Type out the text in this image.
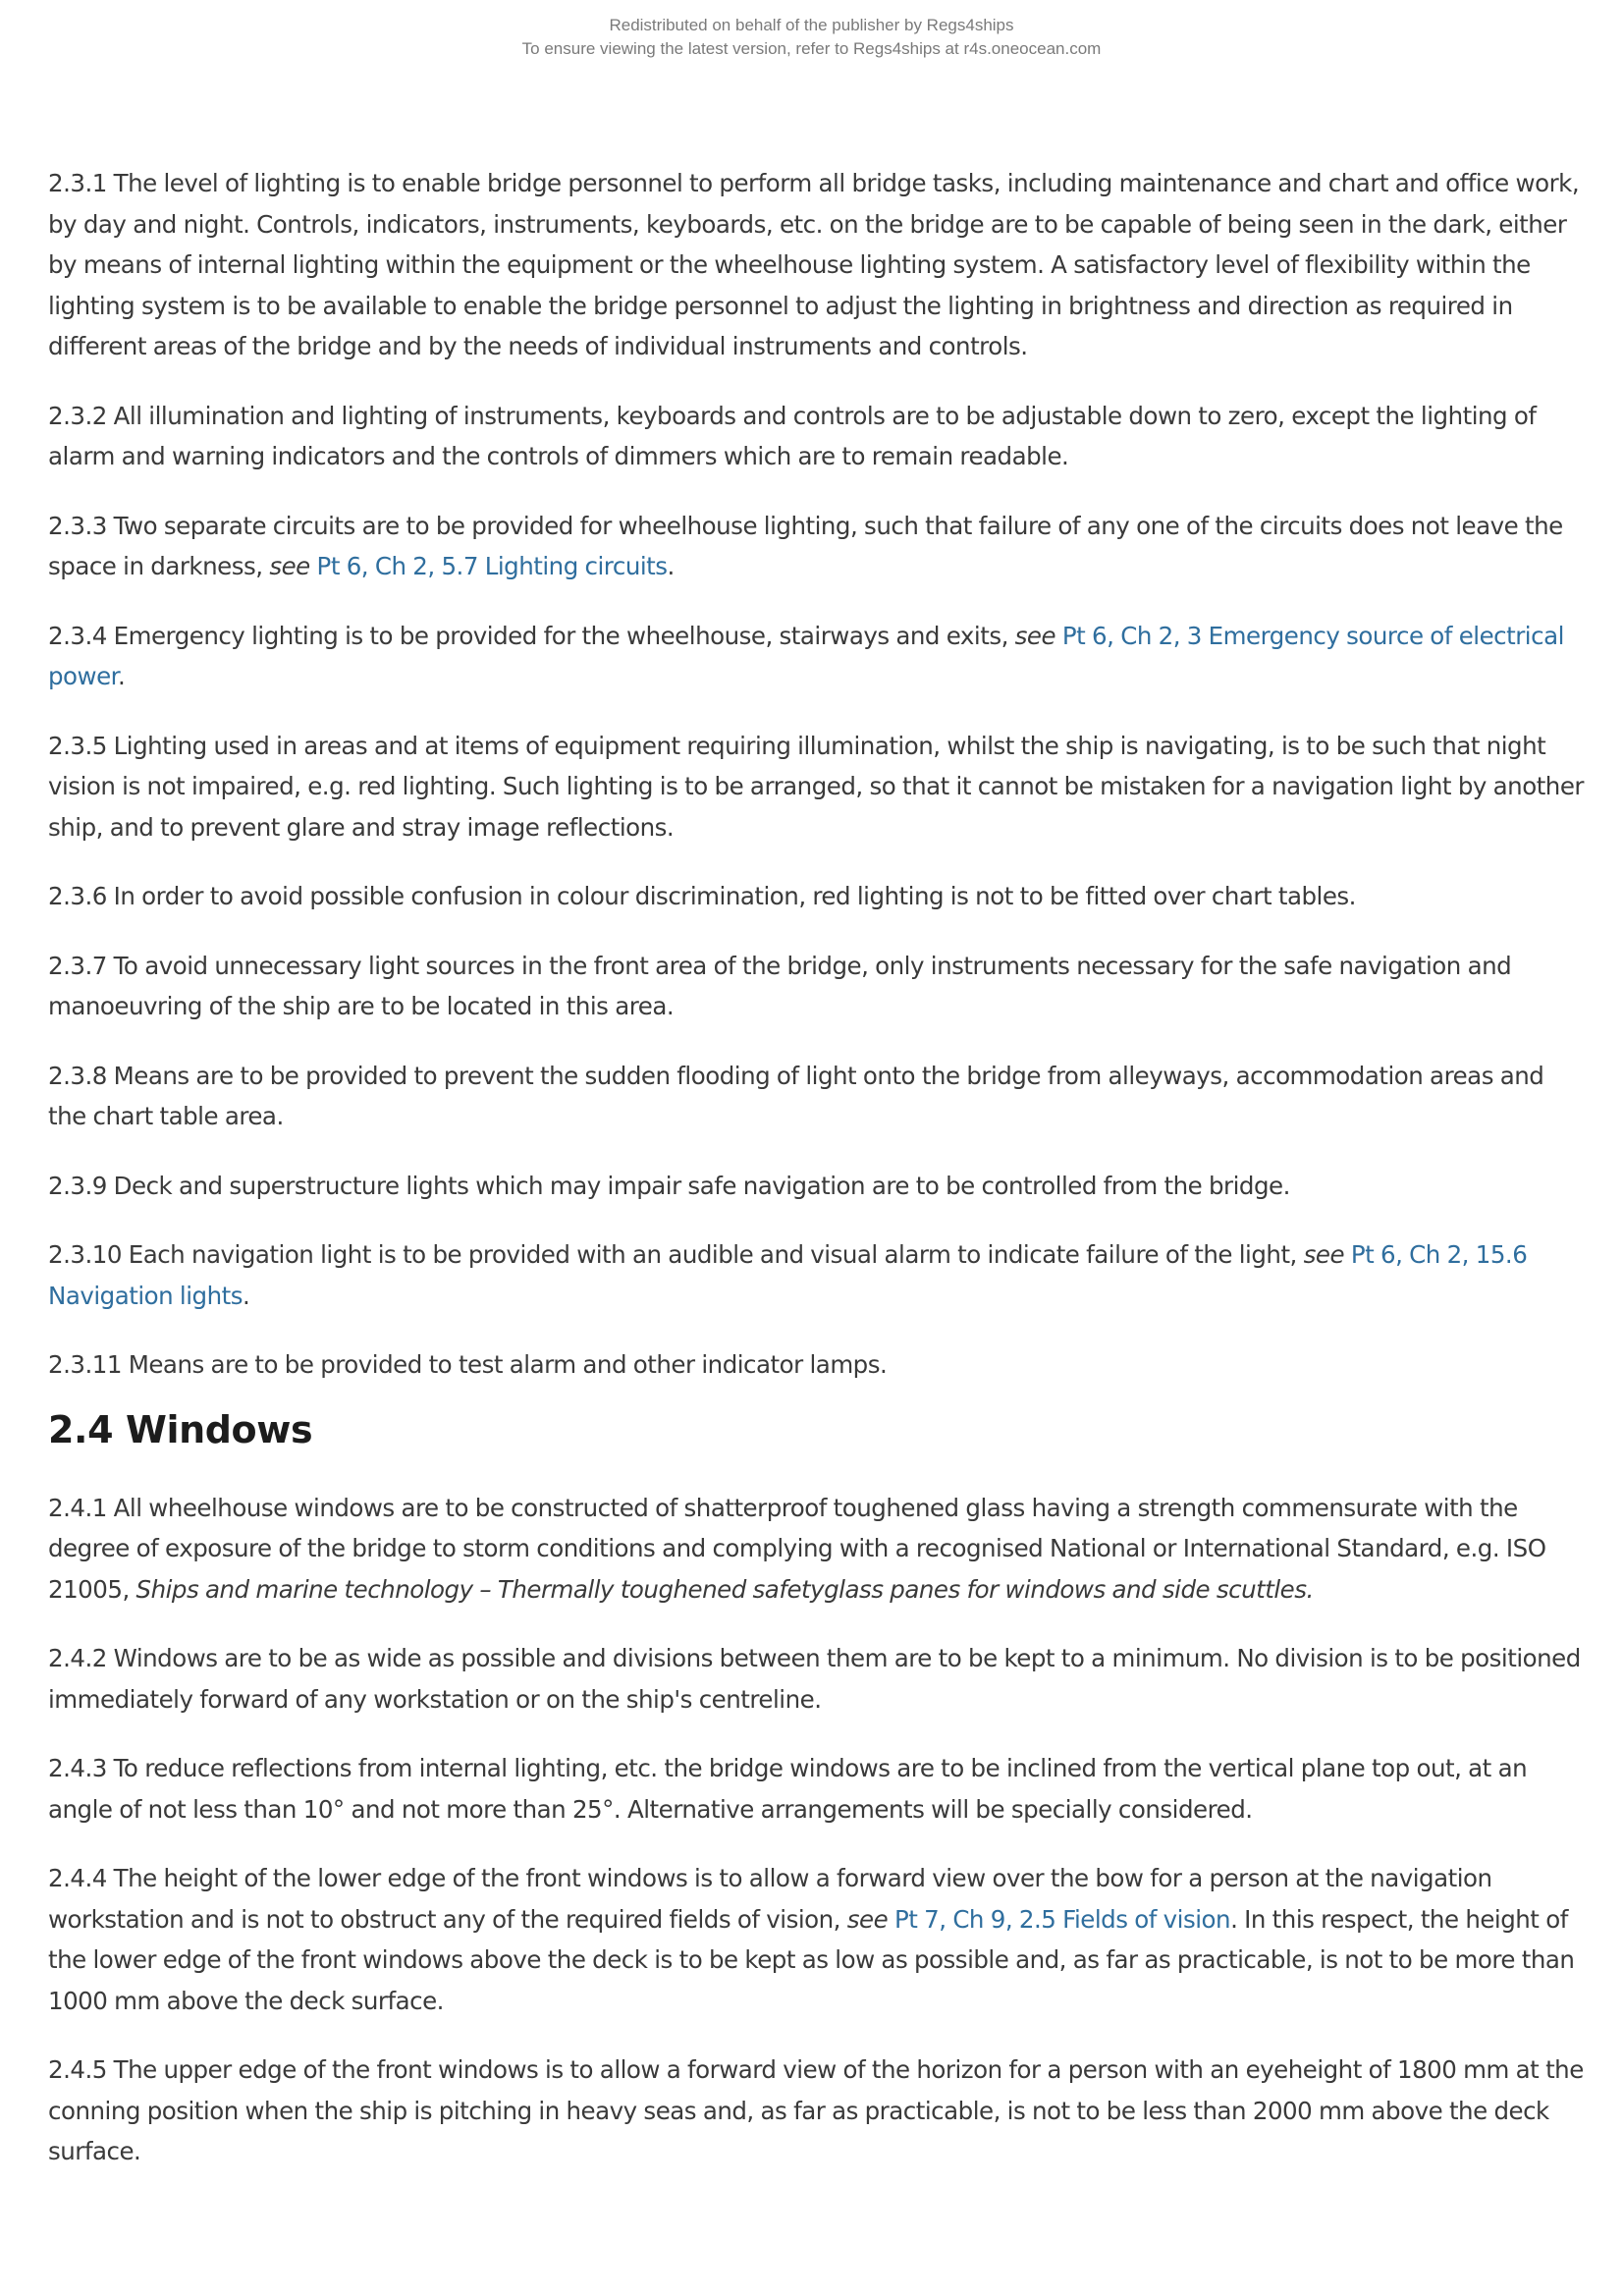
Redistributed on behalf of the publisher by Regs4ships
To ensure viewing the latest version, refer to Regs4ships at r4s.oneocean.com

2.3.1 The level of lighting is to enable bridge personnel to perform all bridge tasks, including maintenance and chart and office work, by day and night. Controls, indicators, instruments, keyboards, etc. on the bridge are to be capable of being seen in the dark, either by means of internal lighting within the equipment or the wheelhouse lighting system. A satisfactory level of flexibility within the lighting system is to be available to enable the bridge personnel to adjust the lighting in brightness and direction as required in different areas of the bridge and by the needs of individual instruments and controls.

2.3.2 All illumination and lighting of instruments, keyboards and controls are to be adjustable down to zero, except the lighting of alarm and warning indicators and the controls of dimmers which are to remain readable.

2.3.3 Two separate circuits are to be provided for wheelhouse lighting, such that failure of any one of the circuits does not leave the space in darkness, see Pt 6, Ch 2, 5.7 Lighting circuits.

2.3.4 Emergency lighting is to be provided for the wheelhouse, stairways and exits, see Pt 6, Ch 2, 3 Emergency source of electrical power.

2.3.5 Lighting used in areas and at items of equipment requiring illumination, whilst the ship is navigating, is to be such that night vision is not impaired, e.g. red lighting. Such lighting is to be arranged, so that it cannot be mistaken for a navigation light by another ship, and to prevent glare and stray image reflections.

2.3.6 In order to avoid possible confusion in colour discrimination, red lighting is not to be fitted over chart tables.

2.3.7 To avoid unnecessary light sources in the front area of the bridge, only instruments necessary for the safe navigation and manoeuvring of the ship are to be located in this area.

2.3.8 Means are to be provided to prevent the sudden flooding of light onto the bridge from alleyways, accommodation areas and the chart table area.

2.3.9 Deck and superstructure lights which may impair safe navigation are to be controlled from the bridge.

2.3.10 Each navigation light is to be provided with an audible and visual alarm to indicate failure of the light, see Pt 6, Ch 2, 15.6 Navigation lights.

2.3.11 Means are to be provided to test alarm and other indicator lamps.

2.4 Windows

2.4.1 All wheelhouse windows are to be constructed of shatterproof toughened glass having a strength commensurate with the degree of exposure of the bridge to storm conditions and complying with a recognised National or International Standard, e.g. ISO 21005, Ships and marine technology – Thermally toughened safetyglass panes for windows and side scuttles.

2.4.2 Windows are to be as wide as possible and divisions between them are to be kept to a minimum. No division is to be positioned immediately forward of any workstation or on the ship's centreline.

2.4.3 To reduce reflections from internal lighting, etc. the bridge windows are to be inclined from the vertical plane top out, at an angle of not less than 10° and not more than 25°. Alternative arrangements will be specially considered.

2.4.4 The height of the lower edge of the front windows is to allow a forward view over the bow for a person at the navigation workstation and is not to obstruct any of the required fields of vision, see Pt 7, Ch 9, 2.5 Fields of vision. In this respect, the height of the lower edge of the front windows above the deck is to be kept as low as possible and, as far as practicable, is not to be more than 1000 mm above the deck surface.

2.4.5 The upper edge of the front windows is to allow a forward view of the horizon for a person with an eyeheight of 1800 mm at the conning position when the ship is pitching in heavy seas and, as far as practicable, is not to be less than 2000 mm above the deck surface.
